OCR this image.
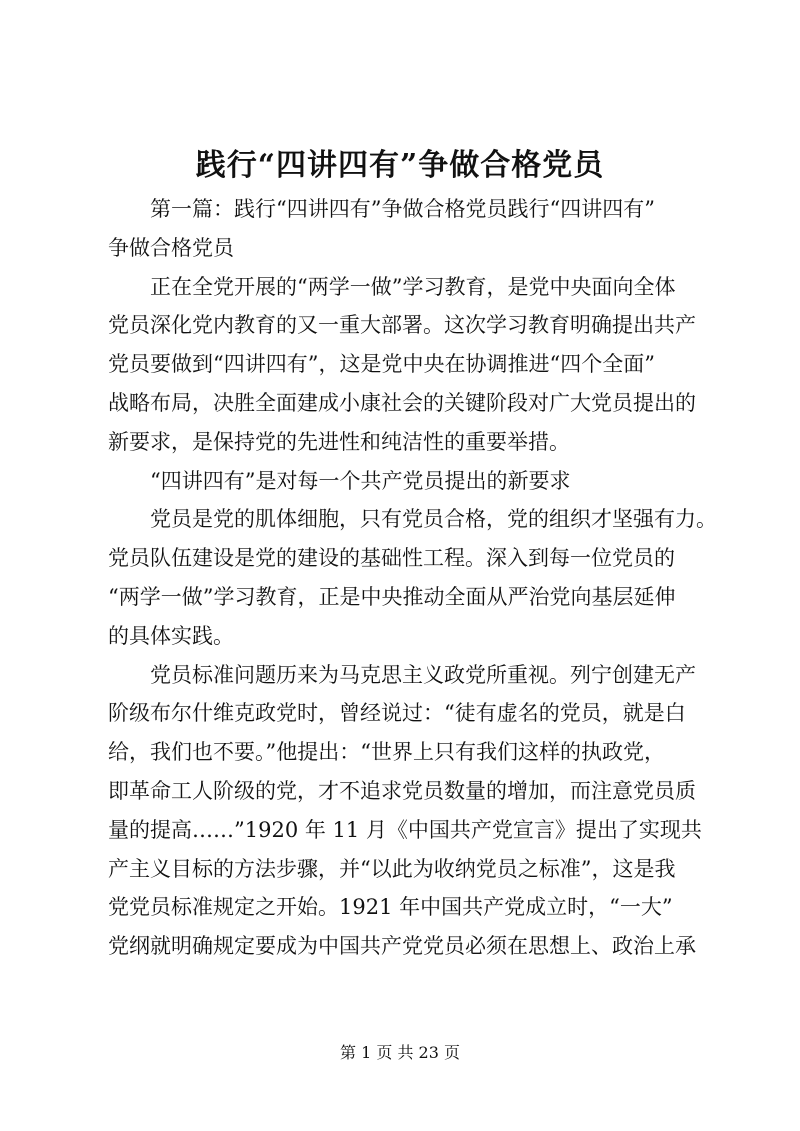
践行“四讲四有”争做合格党员
第一篇：践行“四讲四有”争做合格党员践行“四讲四有”
争做合格党员
正在全党开展的“两学一做”学习教育，是党中央面向全体
党员深化党内教育的又一重大部署。这次学习教育明确提出共产
党员要做到“四讲四有”，这是党中央在协调推进“四个全面”
战略布局，决胜全面建成小康社会的关键阶段对广大党员提出的
新要求，是保持党的先进性和纯洁性的重要举措。
“四讲四有”是对每一个共产党员提出的新要求
党员是党的肌体细胞，只有党员合格，党的组织才坚强有力。
党员队伍建设是党的建设的基础性工程。深入到每一位党员的
“两学一做”学习教育，正是中央推动全面从严治党向基层延伸
的具体实践。
党员标准问题历来为马克思主义政党所重视。列宁创建无产
阶级布尔什维克政党时，曾经说过：“徒有虚名的党员，就是白
给，我们也不要。”他提出：“世界上只有我们这样的执政党，
即革命工人阶级的党，才不追求党员数量的增加，而注意党员质
量的提高……”1920 年 11 月《中国共产党宣言》提出了实现共
产主义目标的方法步骤，并“以此为收纳党员之标准”，这是我
党党员标准规定之开始。1921 年中国共产党成立时，“一大”
党纲就明确规定要成为中国共产党党员必须在思想上、政治上承
第 1 页 共 23 页
